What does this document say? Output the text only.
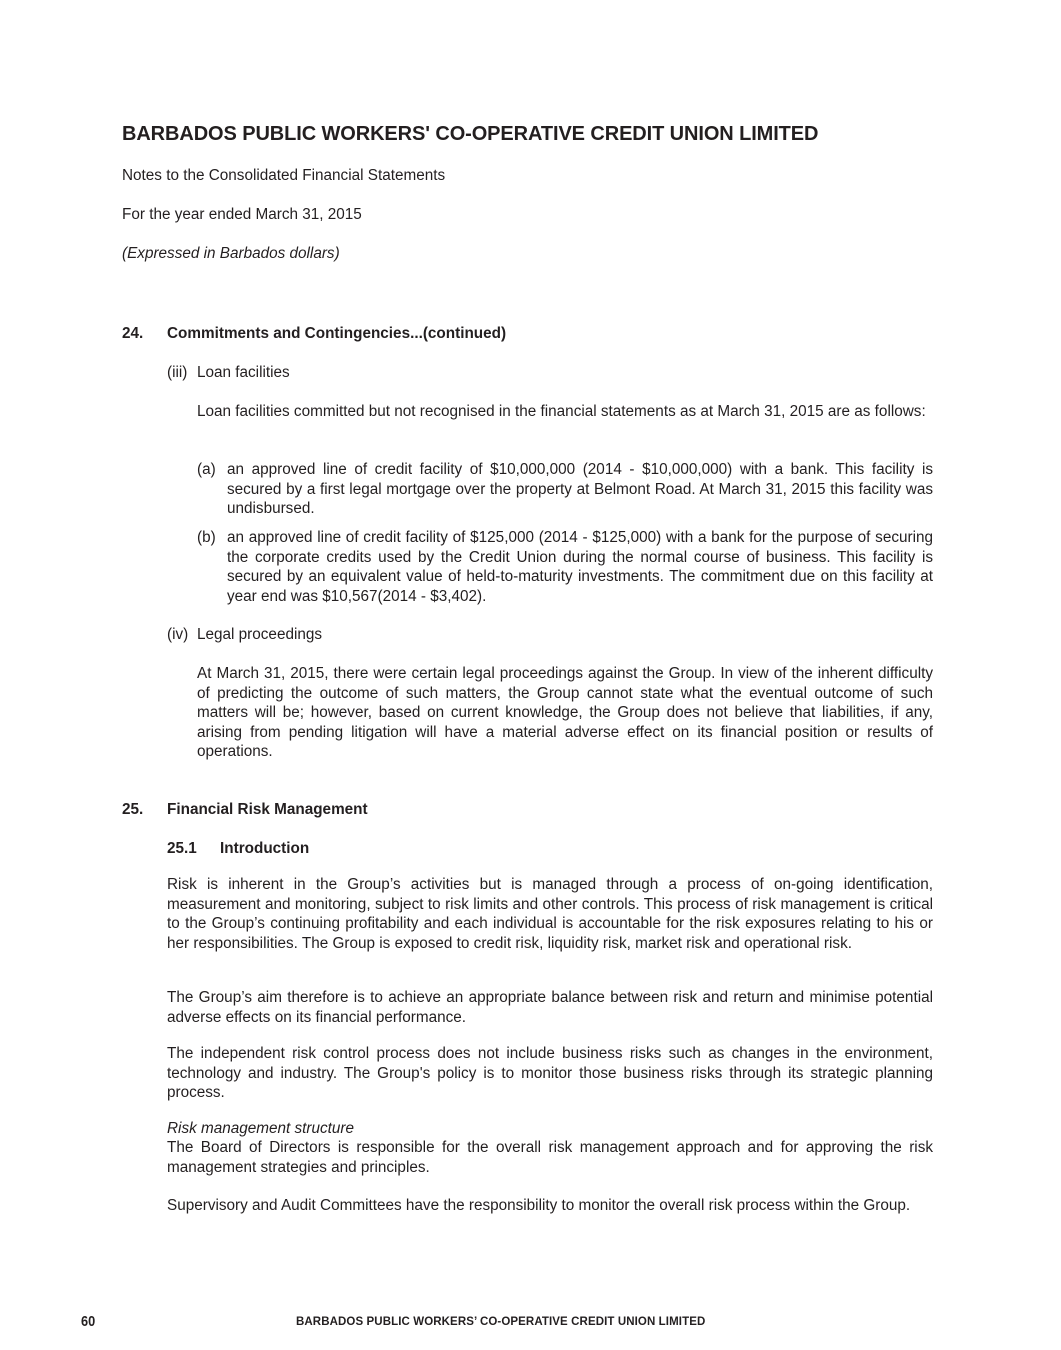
BARBADOS PUBLIC WORKERS' CO-OPERATIVE CREDIT UNION LIMITED
Notes to the Consolidated Financial Statements
For the year ended March 31, 2015
(Expressed in Barbados dollars)
24. Commitments and Contingencies...(continued)
(iii) Loan facilities
Loan facilities committed but not recognised in the financial statements as at March 31, 2015 are as follows:
(a) an approved line of credit facility of $10,000,000 (2014 - $10,000,000) with a bank. This facility is secured by a first legal mortgage over the property at Belmont Road. At March 31, 2015 this facility was undisbursed.
(b) an approved line of credit facility of $125,000 (2014 - $125,000) with a bank for the purpose of securing the corporate credits used by the Credit Union during the normal course of business. This facility is secured by an equivalent value of held-to-maturity investments. The commitment due on this facility at year end was $10,567(2014 - $3,402).
(iv) Legal proceedings
At March 31, 2015, there were certain legal proceedings against the Group. In view of the inherent difficulty of predicting the outcome of such matters, the Group cannot state what the eventual outcome of such matters will be; however, based on current knowledge, the Group does not believe that liabilities, if any, arising from pending litigation will have a material adverse effect on its financial position or results of operations.
25. Financial Risk Management
25.1 Introduction
Risk is inherent in the Group’s activities but is managed through a process of on-going identification, measurement and monitoring, subject to risk limits and other controls. This process of risk management is critical to the Group’s continuing profitability and each individual is accountable for the risk exposures relating to his or her responsibilities. The Group is exposed to credit risk, liquidity risk, market risk and operational risk.
The Group’s aim therefore is to achieve an appropriate balance between risk and return and minimise potential adverse effects on its financial performance.
The independent risk control process does not include business risks such as changes in the environment, technology and industry. The Group's policy is to monitor those business risks through its strategic planning process.
Risk management structure
The Board of Directors is responsible for the overall risk management approach and for approving the risk management strategies and principles.
Supervisory and Audit Committees have the responsibility to monitor the overall risk process within the Group.
60	BARBADOS PUBLIC WORKERS’ CO-OPERATIVE CREDIT UNION LIMITED
